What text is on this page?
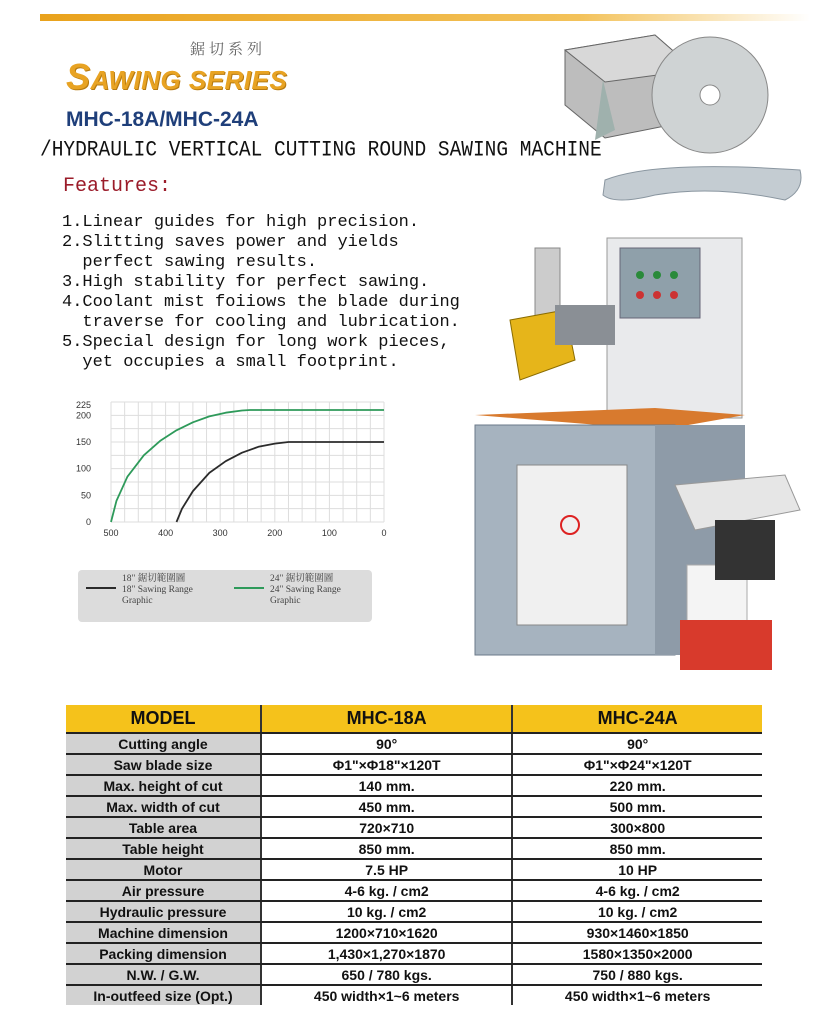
鋸切系列
SAWING SERIES
MHC-18A/MHC-24A
/HYDRAULIC VERTICAL CUTTING ROUND SAWING MACHINE
Features:
1.Linear guides for high precision.
2.Slitting saves power and yields
perfect sawing results.
3.High stability for perfect sawing.
4.Coolant mist foiiows the blade during
traverse for cooling and lubrication.
5.Special design for long work pieces,
yet occupies a small footprint.
0
50
100
150
200
225
500	400	300	200	100	0
18" 鋸切範圍圖
18" Sawing Range
Graphic
24" 鋸切範圍圖
24" Sawing Range
Graphic
MODEL	MHC-18A	MHC-24A
Cutting angle	90°	90°
Saw blade size	Φ1"×Φ18"×120T	Φ1"×Φ24"×120T
Max. height of cut	140 mm.	220 mm.
Max. width of cut	450 mm.	500 mm.
Table area	720×710	300×800
Table height	850 mm.	850 mm.
Motor	7.5 HP	10 HP
Air pressure	4-6 kg. / cm2	4-6 kg. / cm2
Hydraulic pressure	10 kg. / cm2	10 kg. / cm2
Machine dimension	1200×710×1620	930×1460×1850
Packing dimension	1,430×1,270×1870	1580×1350×2000
N.W. / G.W.	650 / 780 kgs.	750 / 880 kgs.
In-outfeed size (Opt.)	450 width×1~6 meters	450 width×1~6 meters
